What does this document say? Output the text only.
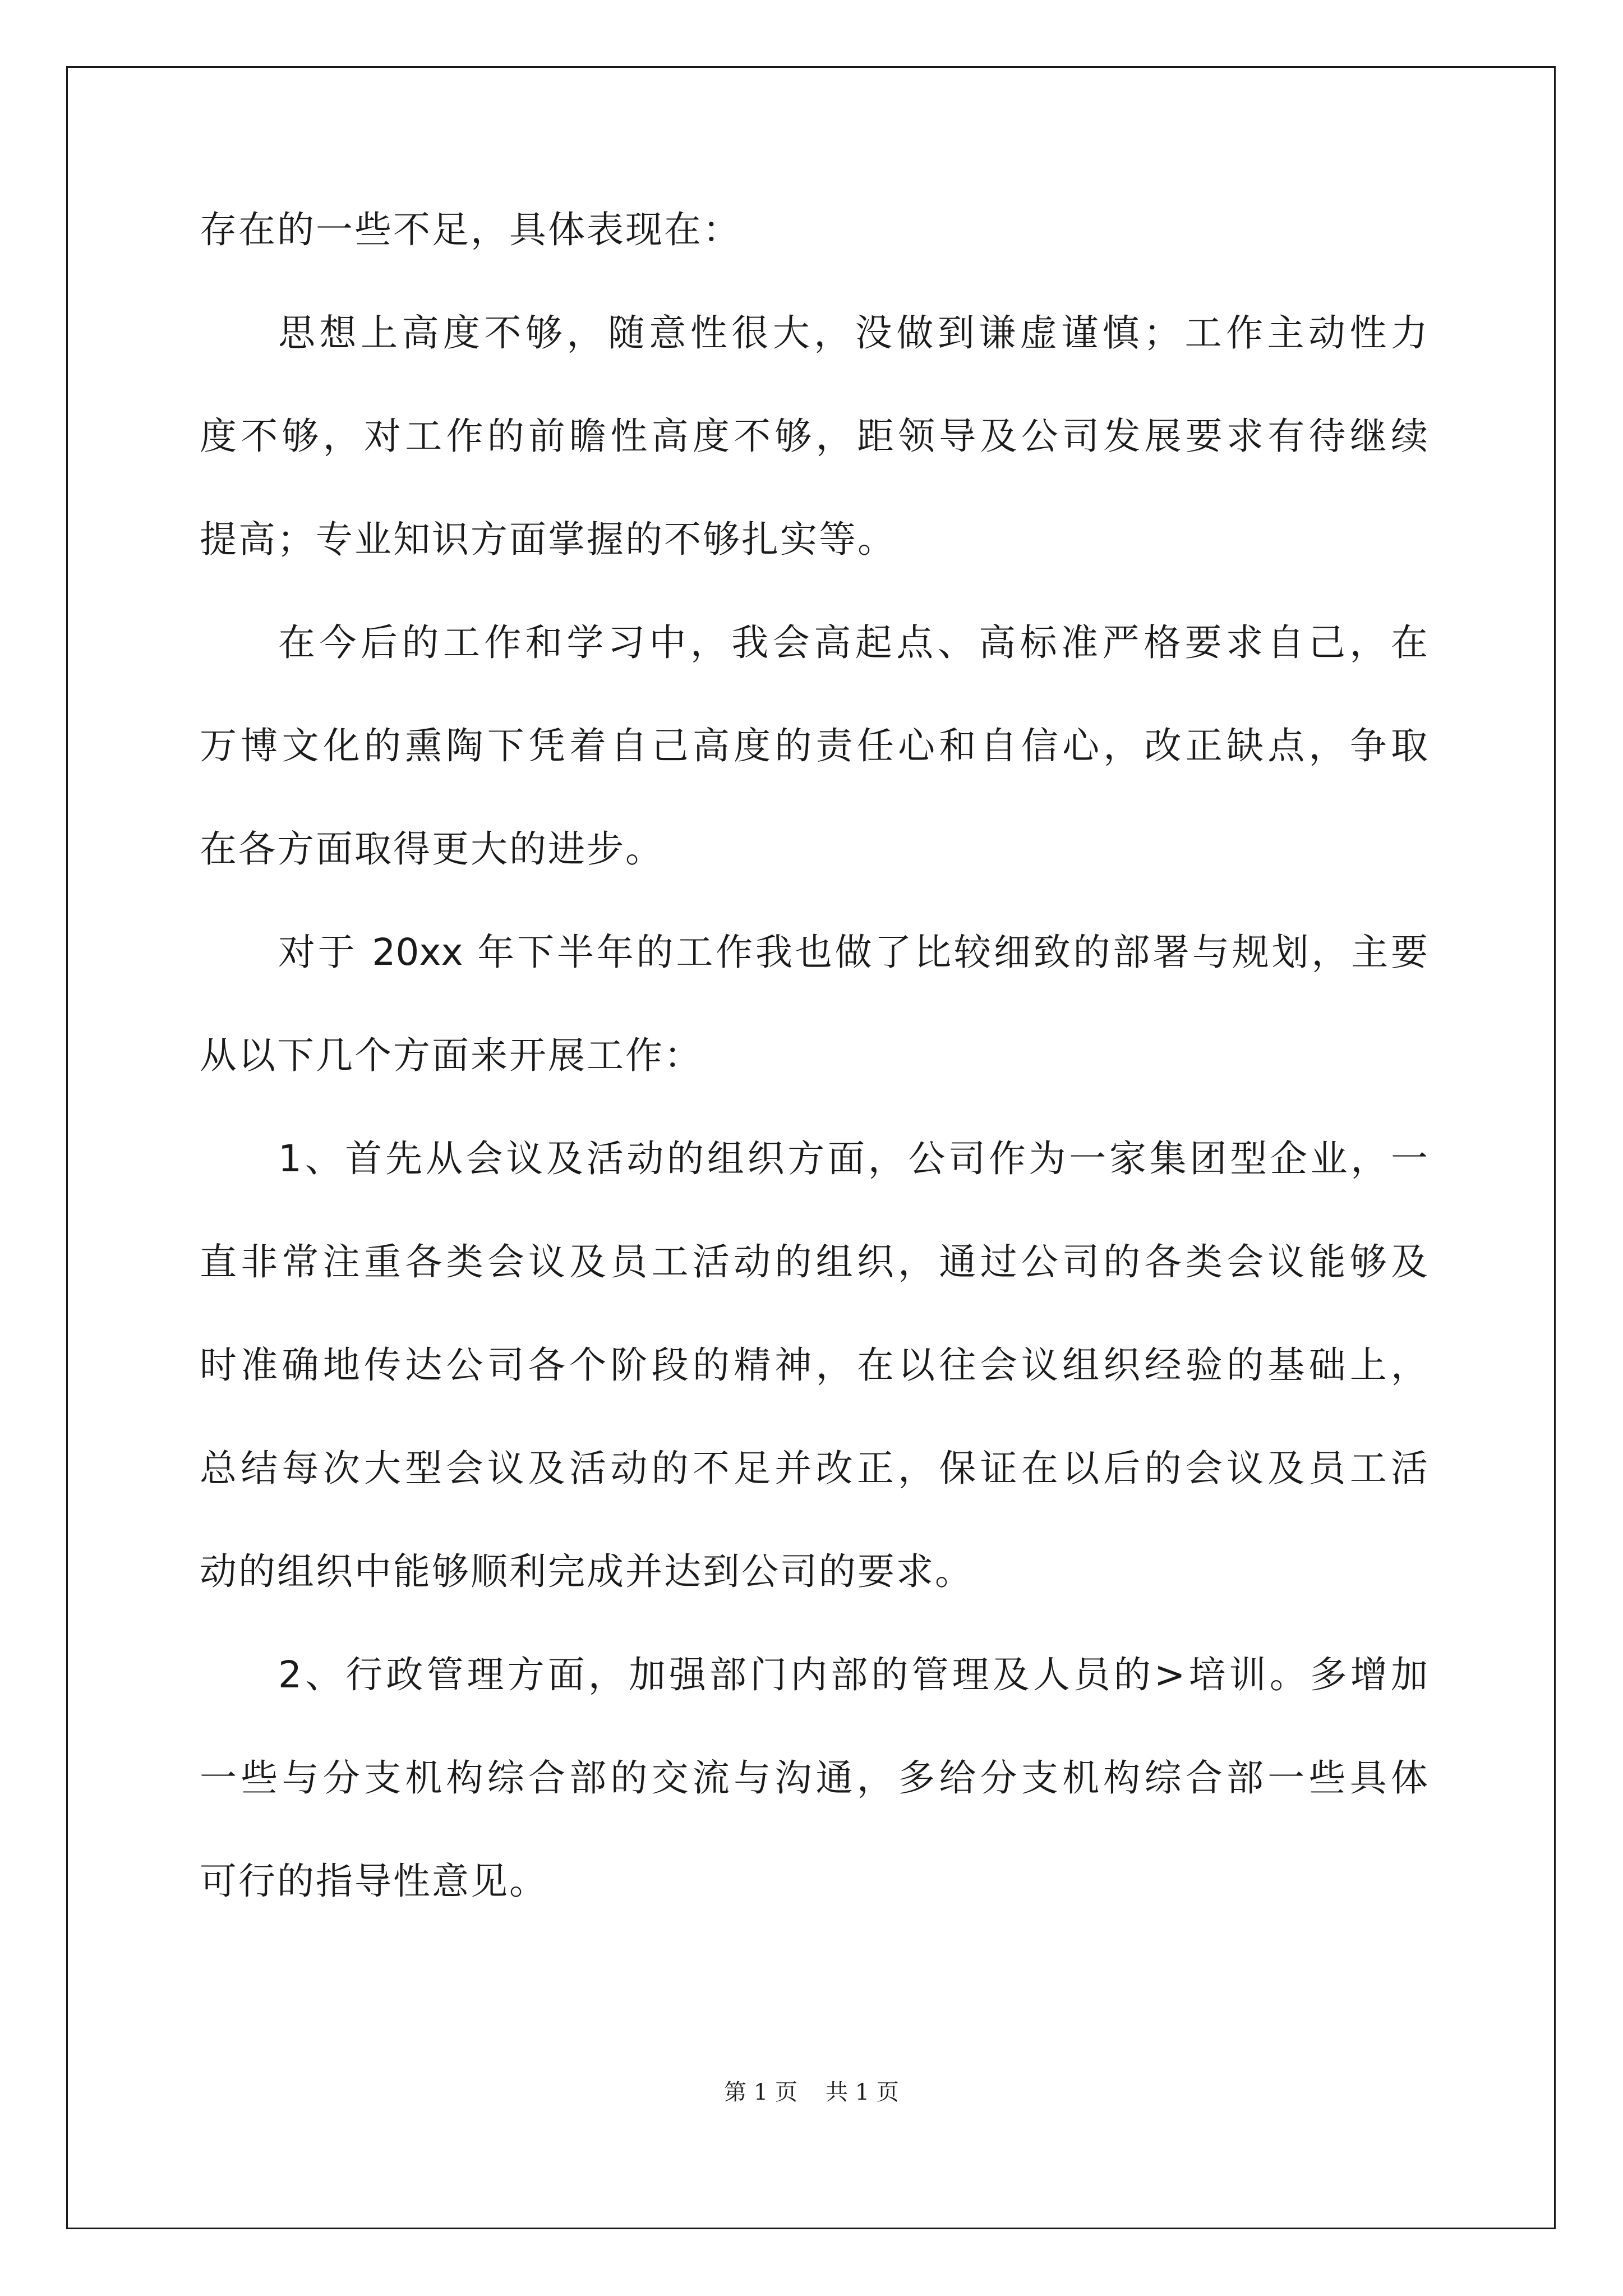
存在的一些不足，具体表现在：
思想上高度不够，随意性很大，没做到谦虚谨慎；工作主动性力
度不够，对工作的前瞻性高度不够，距领导及公司发展要求有待继续
提高；专业知识方面掌握的不够扎实等。
在今后的工作和学习中，我会高起点、高标准严格要求自己，在
万博文化的熏陶下凭着自己高度的责任心和自信心，改正缺点，争取
在各方面取得更大的进步。
对于 20xx 年下半年的工作我也做了比较细致的部署与规划，主要
从以下几个方面来开展工作：
1、首先从会议及活动的组织方面，公司作为一家集团型企业，一
直非常注重各类会议及员工活动的组织，通过公司的各类会议能够及
时准确地传达公司各个阶段的精神，在以往会议组织经验的基础上，
总结每次大型会议及活动的不足并改正，保证在以后的会议及员工活
动的组织中能够顺利完成并达到公司的要求。
2、行政管理方面，加强部门内部的管理及人员的>培训。多增加
一些与分支机构综合部的交流与沟通，多给分支机构综合部一些具体
可行的指导性意见。
第 1 页 共 1 页
